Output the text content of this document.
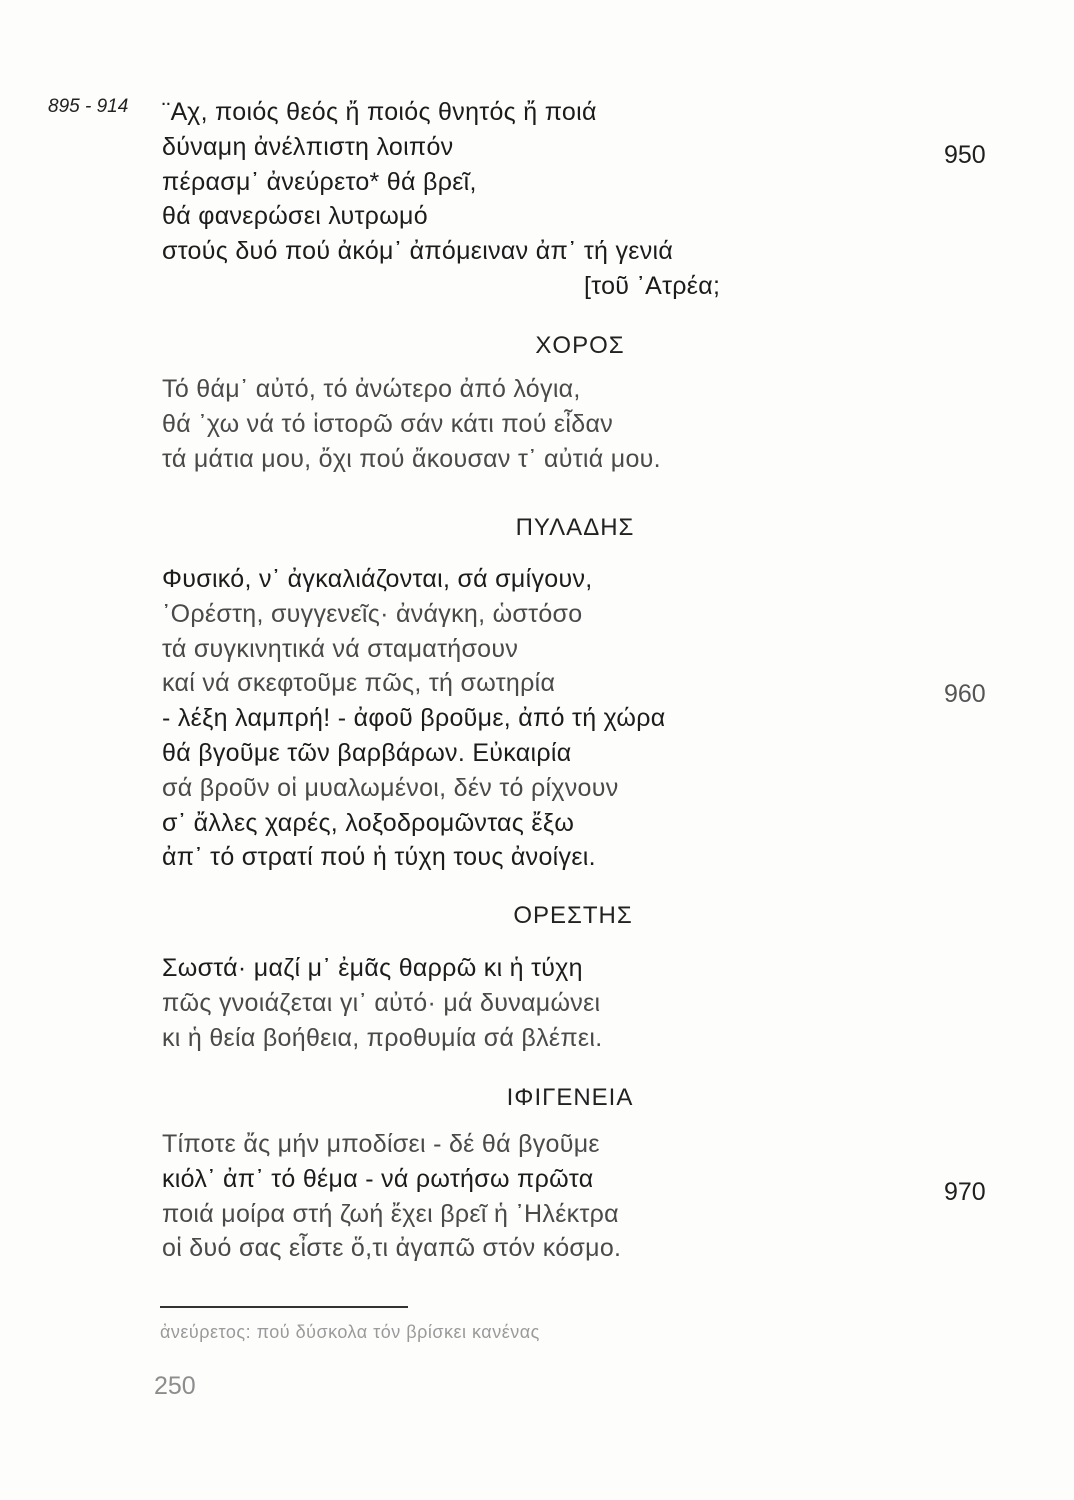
895 - 914 ¨Αχ, ποιός θεός ἤ ποιός θνητός ἤ ποιά
δύναμη ἀνέλπιστη λοιπόν
πέρασμ᾿ ἀνεύρετο* θά βρεῖ,
θά φανερώσει λυτρωμό
στούς δυό πού ἀκόμ᾿ ἀπόμειναν ἀπ᾿ τή γενιά
[τοῦ ᾿Ατρέα;
ΧΟΡΟΣ
Τό θάμ᾿ αὐτό, τό ἀνώτερο ἀπό λόγια,
θά ᾿χω νά τό ἱστορῶ σάν κάτι πού εἶδαν
τά μάτια μου, ὄχι πού ἄκουσαν τ᾿ αὐτιά μου.
ΠΥΛΑΔΗΣ
Φυσικό, ν᾿ ἀγκαλιάζονται, σά σμίγουν,
᾿Ορέστη, συγγενεῖς· ἀνάγκη, ὡστόσο
τά συγκινητικά νά σταματήσουν
καί νά σκεφτοῦμε πῶς, τή σωτηρία
- λέξη λαμπρή! - ἀφοῦ βροῦμε, ἀπό τή χώρα
θά βγοῦμε τῶν βαρβάρων. Εὐκαιρία
σά βροῦν οἱ μυαλωμένοι, δέν τό ρίχνουν
σ᾿ ἄλλες χαρές, λοξοδρομῶντας ἔξω
ἀπ᾿ τό στρατί πού ἡ τύχη τους ἀνοίγει.
ΟΡΕΣΤΗΣ
Σωστά· μαζί μ᾿ ἐμᾶς θαρρῶ κι ἡ τύχη
πῶς γνοιάζεται γι᾿ αὐτό· μά δυναμώνει
κι ἡ θεία βοήθεια, προθυμία σά βλέπει.
ΙΦΙΓΕΝΕΙΑ
Τίποτε ἄς μήν μποδίσει - δέ θά βγοῦμε
κιόλ᾿ ἀπ᾿ τό θέμα - νά ρωτήσω πρῶτα
ποιά μοίρα στή ζωή ἔχει βρεῖ ἡ ᾿Ηλέκτρα
οἱ δυό σας εἶστε ὅ,τι ἀγαπῶ στόν κόσμο.
950
960
970
ἀνεύρετος: πού δύσκολα τόν βρίσκει κανένας
250
